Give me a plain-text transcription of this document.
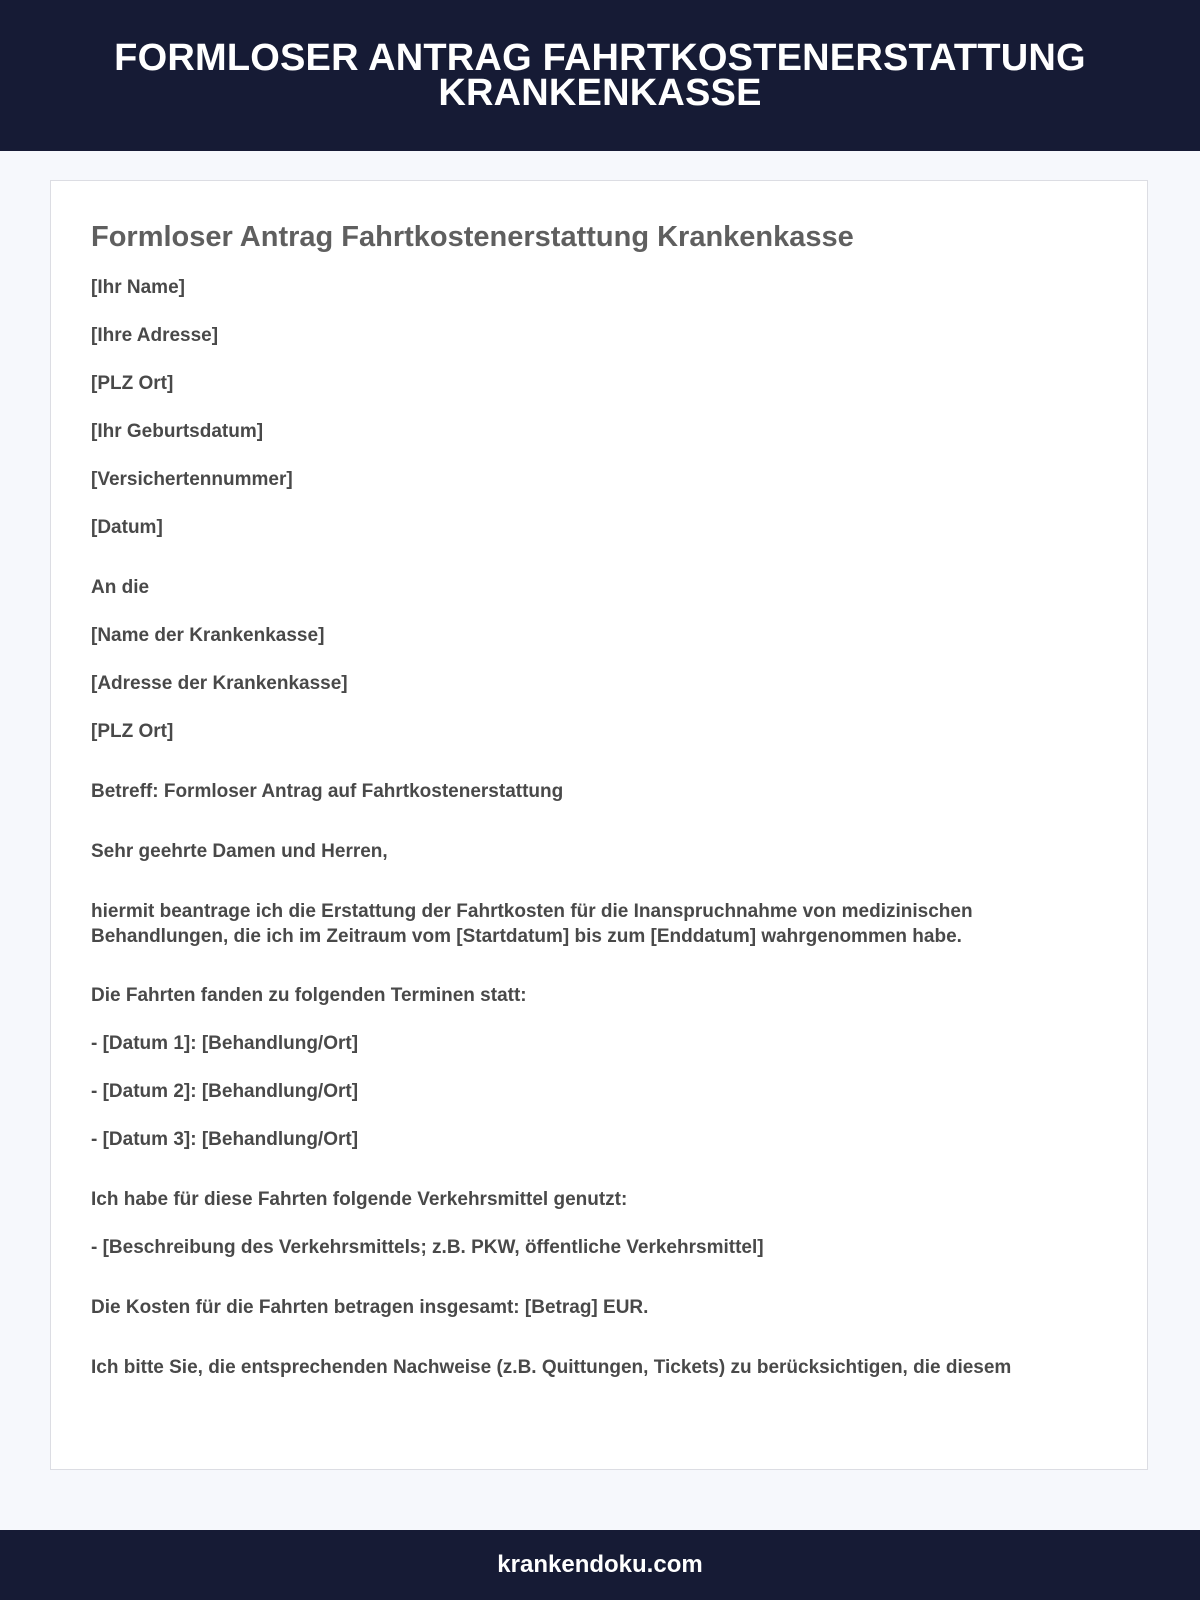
FORMLOSER ANTRAG FAHRTKOSTENERSTATTUNG KRANKENKASSE
Formloser Antrag Fahrtkostenerstattung Krankenkasse

[Ihr Name]

[Ihre Adresse]

[PLZ Ort]

[Ihr Geburtsdatum]

[Versichertennummer]

[Datum]

An die

[Name der Krankenkasse]

[Adresse der Krankenkasse]

[PLZ Ort]

Betreff: Formloser Antrag auf Fahrtkostenerstattung

Sehr geehrte Damen und Herren,

hiermit beantrage ich die Erstattung der Fahrtkosten für die Inanspruchnahme von medizinischen Behandlungen, die ich im Zeitraum vom [Startdatum] bis zum [Enddatum] wahrgenommen habe.

Die Fahrten fanden zu folgenden Terminen statt:

- [Datum 1]: [Behandlung/Ort]

- [Datum 2]: [Behandlung/Ort]

- [Datum 3]: [Behandlung/Ort]

Ich habe für diese Fahrten folgende Verkehrsmittel genutzt:

- [Beschreibung des Verkehrsmittels; z.B. PKW, öffentliche Verkehrsmittel]

Die Kosten für die Fahrten betragen insgesamt: [Betrag] EUR.

Ich bitte Sie, die entsprechenden Nachweise (z.B. Quittungen, Tickets) zu berücksichtigen, die diesem

krankendoku.com
